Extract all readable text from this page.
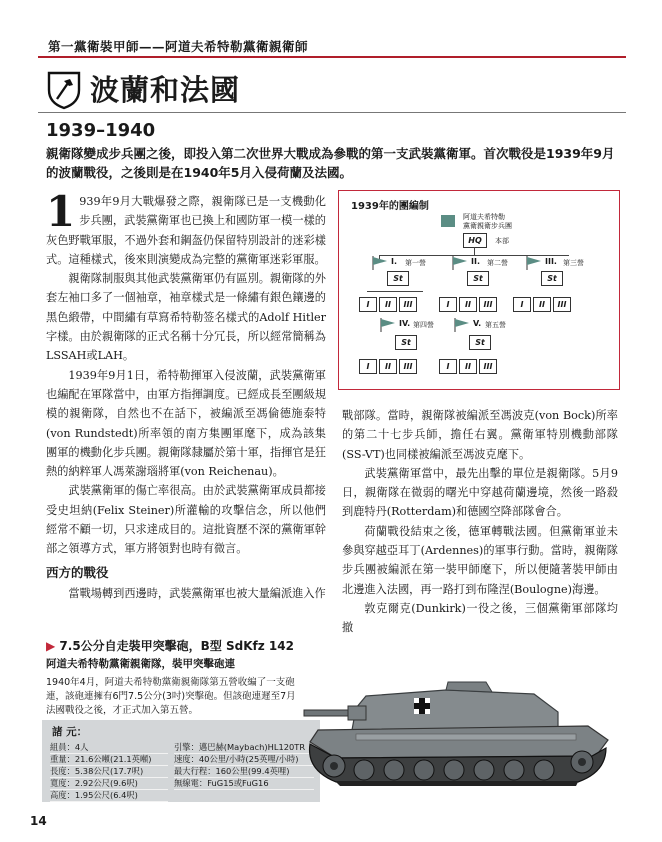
第一黨衛裝甲師——阿道夫希特勒黨衛親衛師
波蘭和法國
1939–1940
親衛隊變成步兵團之後，即投入第二次世界大戰成為參戰的第一支武裝黨衛軍。首次戰役是1939年9月的波蘭戰役，之後則是在1940年5月入侵荷蘭及法國。

1 939年9月大戰爆發之際，親衛隊已是一支機動化步兵團，武裝黨衛軍也已換上和國防軍一模一樣的灰色野戰軍服，不過外套和鋼盔仍保留特別設計的迷彩樣式。這種樣式，後來則演變成為完整的黨衛軍迷彩軍服。

親衛隊制服與其他武裝黨衛軍仍有區別。親衛隊的外套左袖口多了一個袖章，袖章樣式是一條繡有銀色鑲邊的黑色緞帶，中間繡有草寫希特勒签名樣式的Adolf Hitler字樣。由於親衛隊的正式名稱十分冗長，所以經常簡稱為LSSAH或LAH。

1939年9月1日，希特勒揮軍入侵波蘭，武裝黨衛軍也編配在軍隊當中，由軍方指揮調度。已經成長至團級規模的親衛隊，自然也不在話下，被編派至馮倫德施泰特(von Rundstedt)所率領的南方集團軍麾下，成為該集團軍的機動化步兵團。親衛隊隸屬於第十軍，指揮官是狂熱的納粹軍人馮萊謝瑙將軍(von Reichenau)。

武裝黨衛軍的傷亡率很高。由於武裝黨衛軍成員都接受史坦納(Felix Steiner)所灌輸的攻擊信念，所以他們經常不顧一切，只求達成目的。這批資歷不深的黨衛軍幹部之領導方式，軍方將領對也時有微言。

西方的戰役

當戰場轉到西邊時，武裝黨衛軍也被大量編派進入作

戰部隊。當時，親衛隊被編派至馮波克(von Bock)所率的第二十七步兵師，擔任右翼。黨衛軍特別機動部隊(SS-VT)也同樣被編派至馮波克麾下。

武裝黨衛軍當中，最先出擊的單位是親衛隊。5月9日，親衛隊在微弱的曙光中穿越荷蘭邊境，然後一路殺到鹿特丹(Rotterdam)和德國空降部隊會合。

荷蘭戰役結束之後，德軍轉戰法國。但黨衛軍並未參與穿越亞耳丁(Ardennes)的軍事行動。當時，親衛隊步兵團被編派在第一裝甲師麾下，所以便隨著裝甲師由北邊進入法國，再一路打到布隆涅(Boulogne)海邊。

敦克爾克(Dunkirk)一役之後，三個黨衛軍部隊均撤

1939年的團編制
阿道夫希特勒
黨衛親衛步兵團
HQ	本部
I. 第一營
St
I	II	III
II. 第二營
St
I	II	III
III. 第三營
St
I	II	III
IV. 第四營
St
I	II	III
V. 第五營
St
I	II	III
▶ 7.5公分自走裝甲突擊砲，B型 SdKfz 142
阿道夫希特勒黨衛親衛隊，裝甲突擊砲連
1940年4月，阿道夫希特勒黨衛親衛隊第五營收編了一支砲連，該砲連擁有6門7.5公分(3吋)突擊砲。但該砲連遲至7月法國戰役之後，才正式加入第五營。
諸 元：
組員：4人
重量：21.6公噸(21.1英噸)
長度：5.38公尺(17.7呎)
寬度：2.92公尺(9.6呎)
高度：1.95公尺(6.4呎)
引擎：邁巴赫(Maybach)HL120TR
速度：40公里/小時(25英哩/小時)
最大行程：160公里(99.4英哩)
無線電：FuG15或FuG16
14
